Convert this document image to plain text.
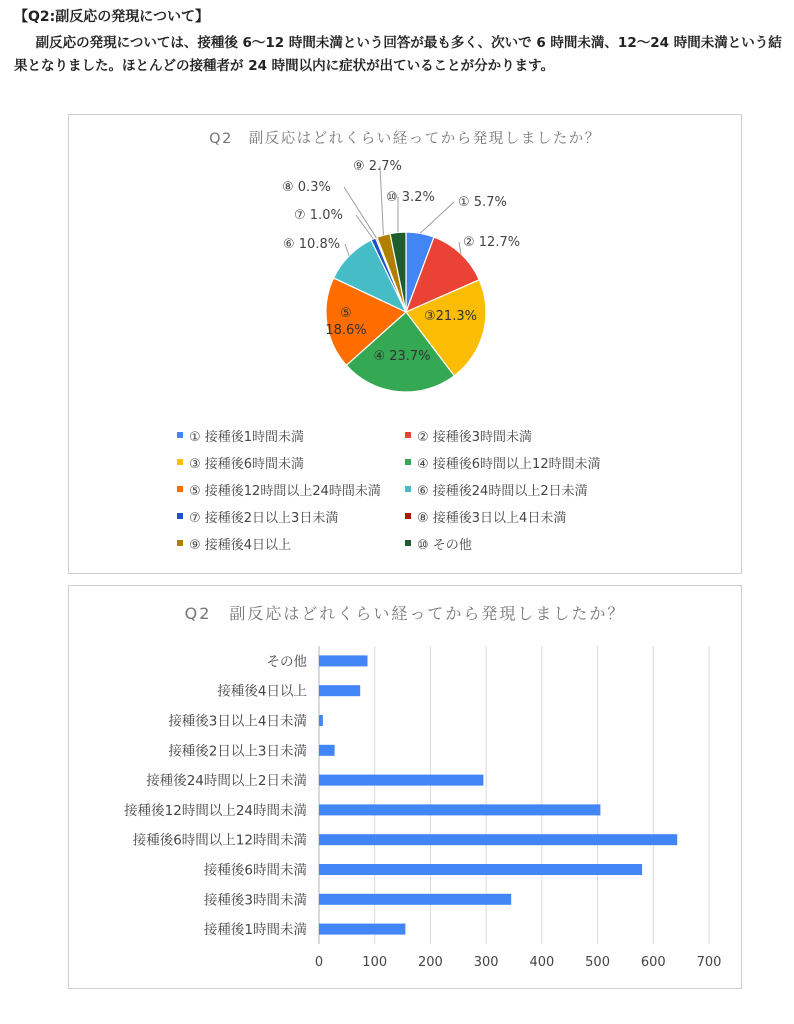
【Q2:副反応の発現について】
副反応の発現については、接種後 6～12 時間未満という回答が最も多く、次いで 6 時間未満、12～24 時間未満という結果となりました。ほとんどの接種者が 24 時間以内に症状が出ていることが分かります。
Q2　副反応はどれくらい経ってから発現しましたか？
① 5.7%
② 12.7%
③21.3%
④ 23.7%
⑤ 18.6%
⑥ 10.8%
⑦ 1.0%
⑧ 0.3%
⑨ 2.7%
⑩ 3.2%
① 接種後1時間未満	② 接種後3時間未満
③ 接種後6時間未満	④ 接種後6時間以上12時間未満
⑤ 接種後12時間以上24時間未満	⑥ 接種後24時間以上2日未満
⑦ 接種後2日以上3日未満	⑧ 接種後3日以上4日未満
⑨ 接種後4日以上	⑩ その他
Q2　副反応はどれくらい経ってから発現しましたか？
接種後1時間未満
接種後3時間未満
接種後6時間未満
接種後6時間以上12時間未満
接種後12時間以上24時間未満
接種後24時間以上2日未満
接種後2日以上3日未満
接種後3日以上4日未満
接種後4日以上
その他
0	100 200 300 400 500 600 700
